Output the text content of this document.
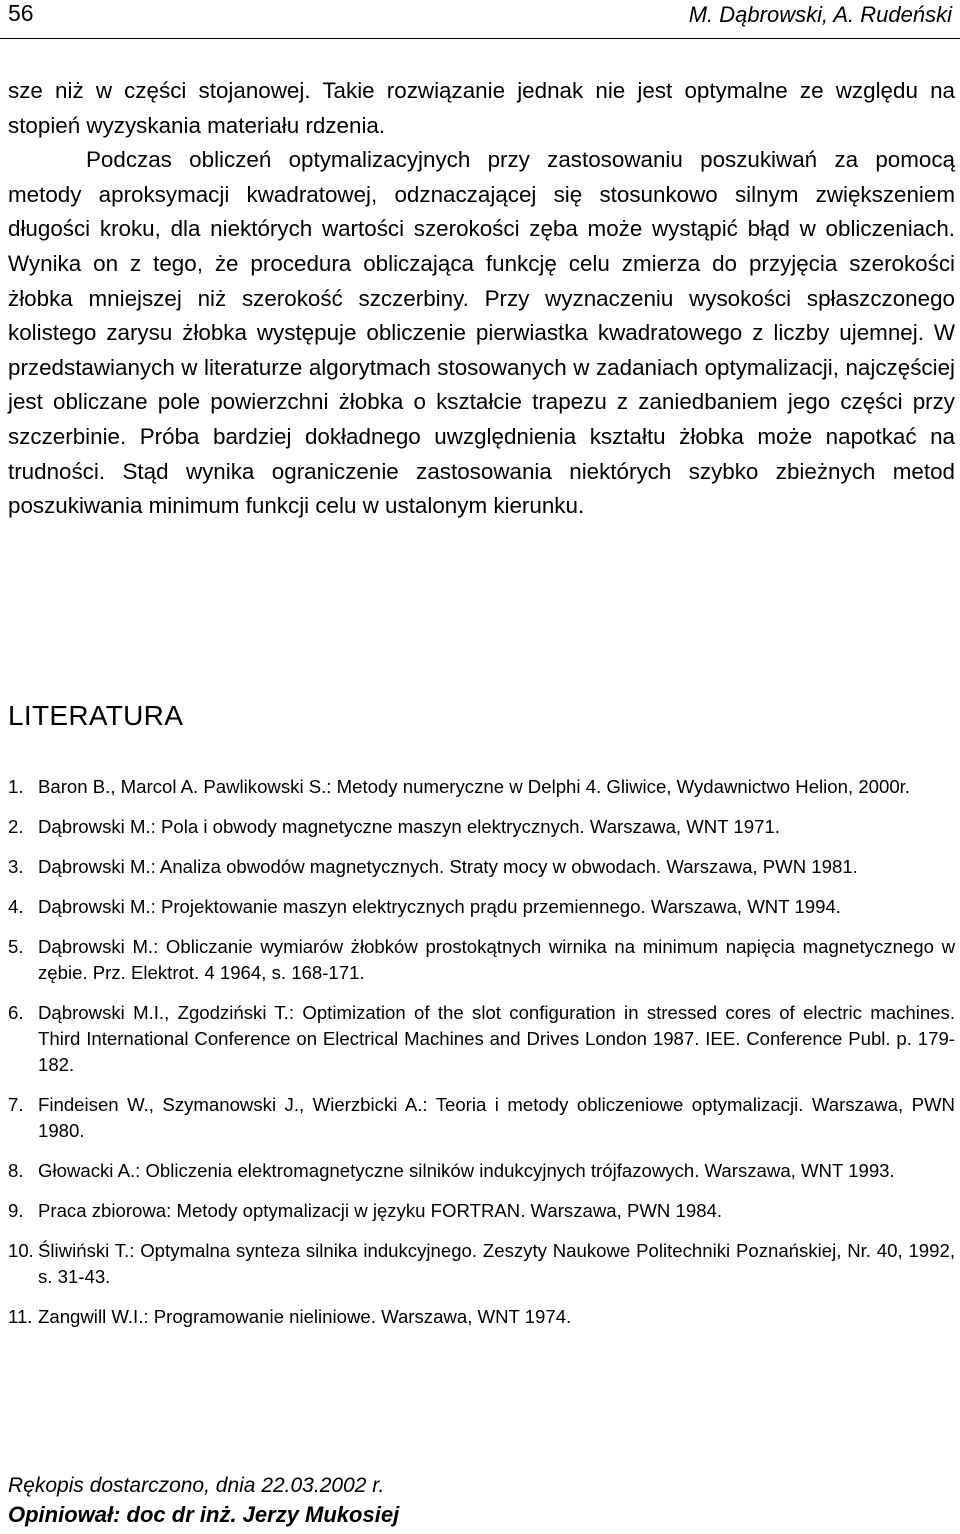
56	M. Dąbrowski, A. Rudeński

sze niż w części stojanowej. Takie rozwiązanie jednak nie jest optymalne ze względu na stopień wyzyskania materiału rdzenia.

Podczas obliczeń optymalizacyjnych przy zastosowaniu poszukiwań za pomocą metody aproksymacji kwadratowej, odznaczającej się stosunkowo silnym zwiększeniem długości kroku, dla niektórych wartości szerokości zęba może wystąpić błąd w obliczeniach. Wynika on z tego, że procedura obliczająca funkcję celu zmierza do przyjęcia szerokości żłobka mniejszej niż szerokość szczerbiny. Przy wyznaczeniu wysokości spłaszczonego kolistego zarysu żłobka występuje obliczenie pierwiastka kwadratowego z liczby ujemnej. W przedstawianych w literaturze algorytmach stosowanych w zadaniach optymalizacji, najczęściej jest obliczane pole powierzchni żłobka o kształcie trapezu z zaniedbaniem jego części przy szczerbinie. Próba bardziej dokładnego uwzględnienia kształtu żłobka może napotkać na trudności. Stąd wynika ograniczenie zastosowania niektórych szybko zbieżnych metod poszukiwania minimum funkcji celu w ustalonym kierunku.

LITERATURA
1. Baron B., Marcol A. Pawlikowski S.: Metody numeryczne w Delphi 4. Gliwice, Wydawnictwo Helion, 2000r.
2. Dąbrowski M.: Pola i obwody magnetyczne maszyn elektrycznych. Warszawa, WNT 1971.
3. Dąbrowski M.: Analiza obwodów magnetycznych. Straty mocy w obwodach. Warszawa, PWN 1981.
4. Dąbrowski M.: Projektowanie maszyn elektrycznych prądu przemiennego. Warszawa, WNT 1994.
5. Dąbrowski M.: Obliczanie wymiarów żłobków prostokątnych wirnika na minimum napięcia magnetycznego w zębie. Prz. Elektrot. 4 1964, s. 168-171.
6. Dąbrowski M.I., Zgodziński T.: Optimization of the slot configuration in stressed cores of electric machines. Third International Conference on Electrical Machines and Drives London 1987. IEE. Conference Publ. p. 179-182.
7. Findeisen W., Szymanowski J., Wierzbicki A.: Teoria i metody obliczeniowe optymalizacji. Warszawa, PWN 1980.
8. Głowacki A.: Obliczenia elektromagnetyczne silników indukcyjnych trójfazowych. Warszawa, WNT 1993.
9. Praca zbiorowa: Metody optymalizacji w języku FORTRAN. Warszawa, PWN 1984.
10. Śliwiński T.: Optymalna synteza silnika indukcyjnego. Zeszyty Naukowe Politechniki Poznańskiej, Nr. 40, 1992, s. 31-43.
11. Zangwill W.I.: Programowanie nieliniowe. Warszawa, WNT 1974.
Rękopis dostarczono, dnia 22.03.2002 r.
Opiniował: doc dr inż. Jerzy Mukosiej
